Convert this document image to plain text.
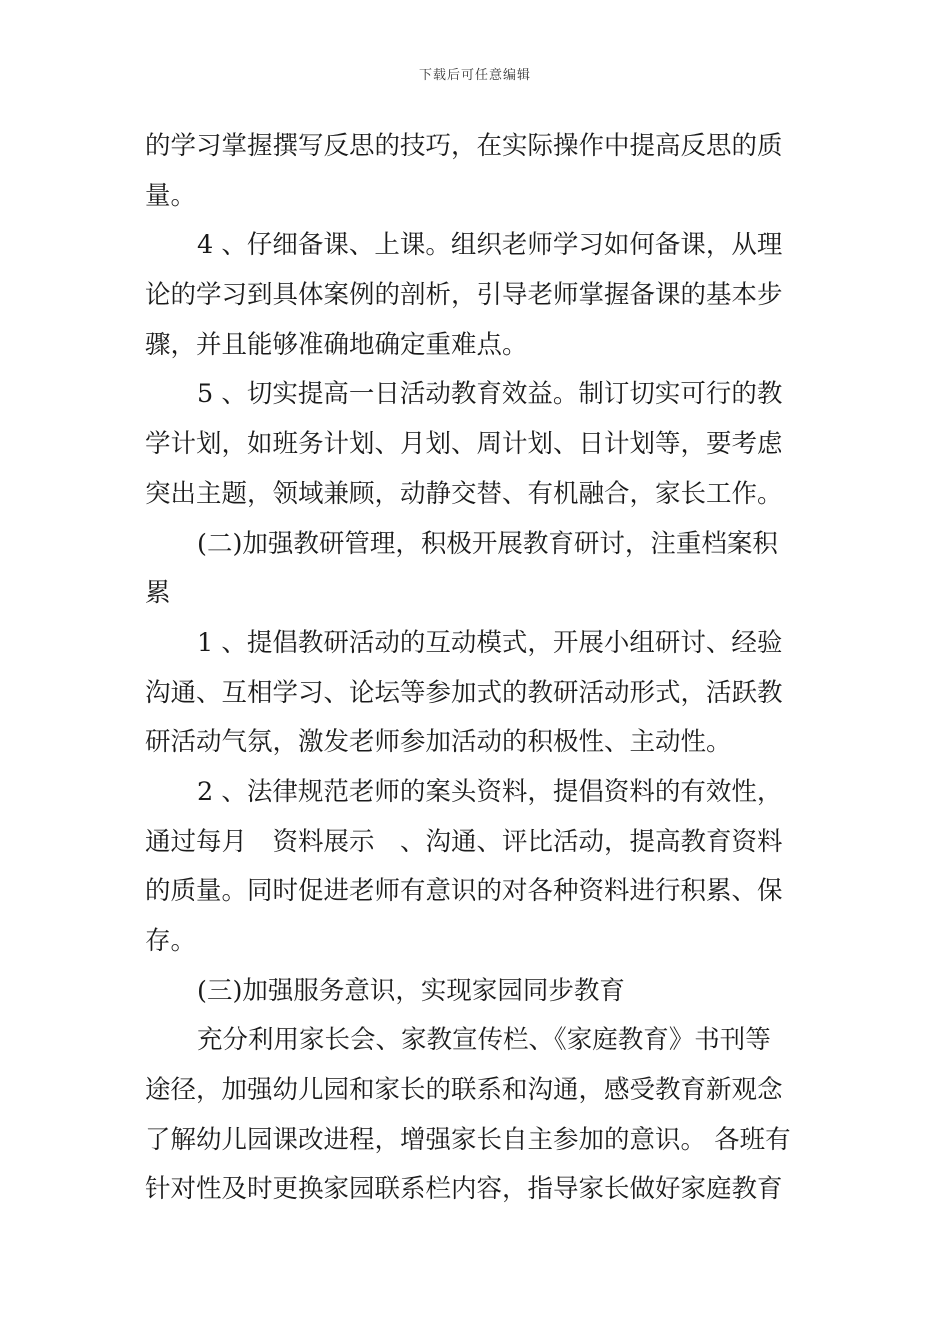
下载后可任意编辑
的学习掌握撰写反思的技巧，在实际操作中提高反思的质
量。
4 、仔细备课、上课。组织老师学习如何备课，从理
论的学习到具体案例的剖析，引导老师掌握备课的基本步
骤，并且能够准确地确定重难点。
5 、切实提高一日活动教育效益。制订切实可行的教
学计划，如班务计划、月划、周计划、日计划等，要考虑
突出主题，领域兼顾，动静交替、有机融合，家长工作。
(二)加强教研管理，积极开展教育研讨，注重档案积
累
1 、提倡教研活动的互动模式，开展小组研讨、经验
沟通、互相学习、论坛等参加式的教研活动形式，活跃教
研活动气氛，激发老师参加活动的积极性、主动性。
2 、法律规范老师的案头资料，提倡资料的有效性，
通过每月　资料展示　、沟通、评比活动，提高教育资料
的质量。同时促进老师有意识的对各种资料进行积累、保
存。
(三)加强服务意识，实现家园同步教育
充分利用家长会、家教宣传栏、《家庭教育》书刊等
途径，加强幼儿园和家长的联系和沟通，感受教育新观念
了解幼儿园课改进程，增强家长自主参加的意识。 各班有
针对性及时更换家园联系栏内容，指导家长做好家庭教育
